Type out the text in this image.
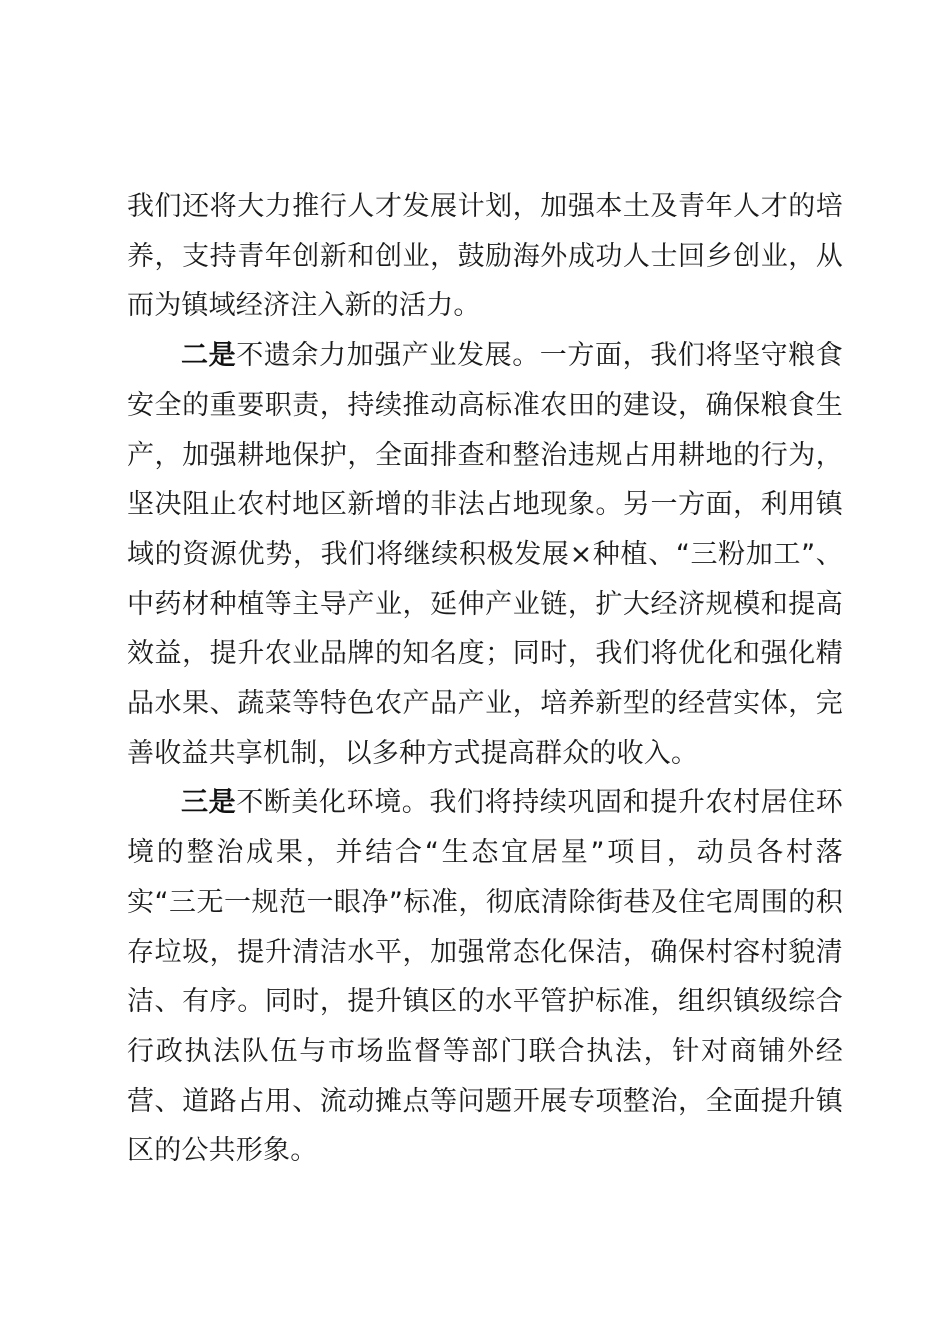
我们还将大力推行人才发展计划，加强本土及青年人才的培养，支持青年创新和创业，鼓励海外成功人士回乡创业，从而为镇域经济注入新的活力。

二是不遗余力加强产业发展。一方面，我们将坚守粮食安全的重要职责，持续推动高标准农田的建设，确保粮食生产，加强耕地保护，全面排查和整治违规占用耕地的行为，坚决阻止农村地区新增的非法占地现象。另一方面，利用镇域的资源优势，我们将继续积极发展×种植、“三粉加工”、中药材种植等主导产业，延伸产业链，扩大经济规模和提高效益，提升农业品牌的知名度；同时，我们将优化和强化精品水果、蔬菜等特色农产品产业，培养新型的经营实体，完善收益共享机制，以多种方式提高群众的收入。

三是不断美化环境。我们将持续巩固和提升农村居住环境的整治成果，并结合“生态宜居星”项目，动员各村落实“三无一规范一眼净”标准，彻底清除街巷及住宅周围的积存垃圾，提升清洁水平，加强常态化保洁，确保村容村貌清洁、有序。同时，提升镇区的水平管护标准，组织镇级综合行政执法队伍与市场监督等部门联合执法，针对商铺外经营、道路占用、流动摊点等问题开展专项整治，全面提升镇区的公共形象。
